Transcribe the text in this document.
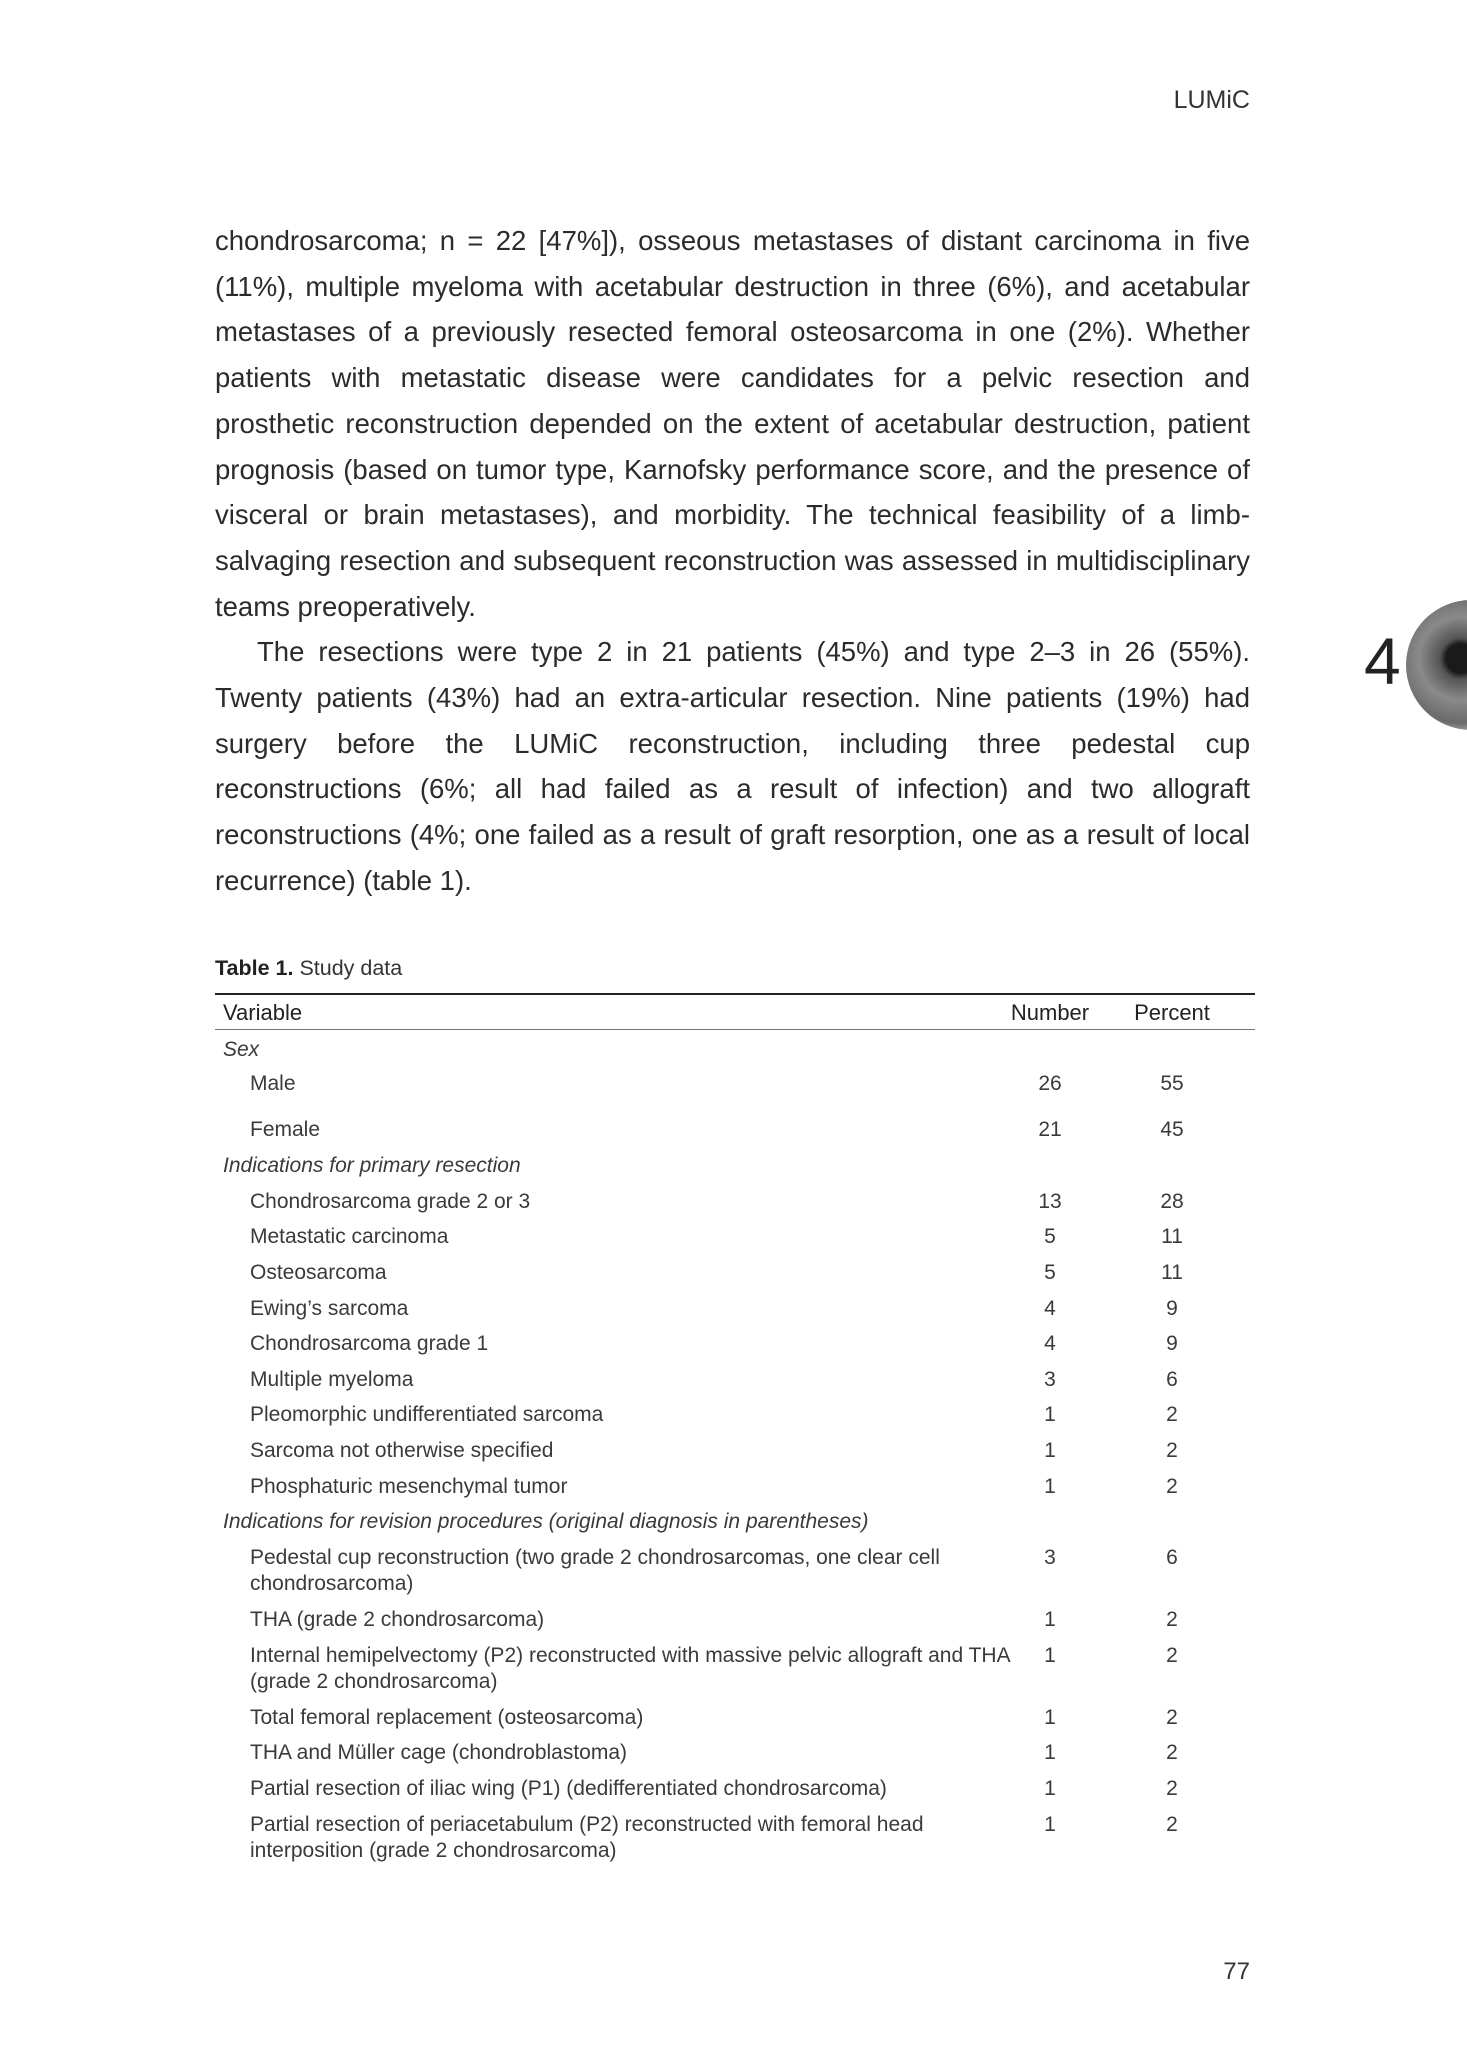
LUMiC

chondrosarcoma; n = 22 [47%]), osseous metastases of distant carcinoma in five (11%), multiple myeloma with acetabular destruction in three (6%), and acetabular metastases of a previously resected femoral osteosarcoma in one (2%). Whether patients with metastatic disease were candidates for a pelvic resection and prosthetic reconstruction depended on the extent of acetabular destruction, patient prognosis (based on tumor type, Karnofsky performance score, and the presence of visceral or brain metastases), and morbidity. The technical feasibility of a limb-salvaging resection and subsequent reconstruction was assessed in multidisciplinary teams preoperatively.

The resections were type 2 in 21 patients (45%) and type 2–3 in 26 (55%). Twenty patients (43%) had an extra-articular resection. Nine patients (19%) had surgery before the LUMiC reconstruction, including three pedestal cup reconstructions (6%; all had failed as a result of infection) and two allograft reconstructions (4%; one failed as a result of graft resorption, one as a result of local recurrence) (table 1).

4
Table 1. Study data
Variable	Number Percent
Sex
Male	26	55
Female	21	45
Indications for primary resection
Chondrosarcoma grade 2 or 3	13	28
Metastatic carcinoma	5	11
Osteosarcoma	5	11
Ewing’s sarcoma	4	9
Chondrosarcoma grade 1	4	9
Multiple myeloma	3	6
Pleomorphic undifferentiated sarcoma	1	2
Sarcoma not otherwise specified	1	2
Phosphaturic mesenchymal tumor	1	2
Indications for revision procedures (original diagnosis in parentheses)
Pedestal cup reconstruction (two grade 2 chondrosarcomas, one clear cell chondrosarcoma)
3	6
THA (grade 2 chondrosarcoma)	1	2
Internal hemipelvectomy (P2) reconstructed with massive pelvic allograft and THA (grade 2 chondrosarcoma)
1	2
Total femoral replacement (osteosarcoma)	1	2
THA and Müller cage (chondroblastoma)	1	2
Partial resection of iliac wing (P1) (dedifferentiated chondrosarcoma)	1	2
Partial resection of periacetabulum (P2) reconstructed with femoral head interposition (grade 2 chondrosarcoma)
1	2
77
